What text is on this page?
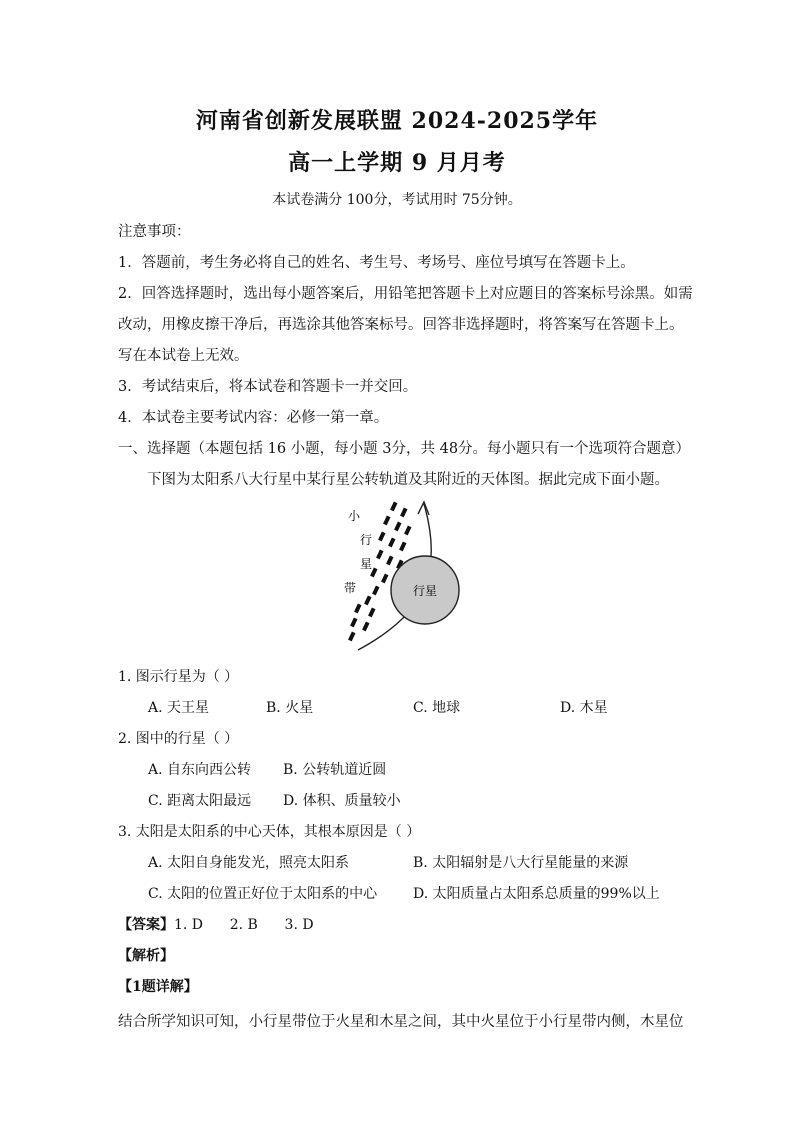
河南省创新发展联盟 2024-2025学年
高一上学期 9 月月考
本试卷满分 100分，考试用时 75分钟。
注意事项：
1．答题前，考生务必将自己的姓名、考生号、考场号、座位号填写在答题卡上。
2．回答选择题时，选出每小题答案后，用铅笔把答题卡上对应题目的答案标号涂黑。如需
改动，用橡皮擦干净后，再选涂其他答案标号。回答非选择题时，将答案写在答题卡上。
写在本试卷上无效。
3．考试结束后，将本试卷和答题卡一并交回。
4．本试卷主要考试内容：必修一第一章。
一、选择题（本题包括 16 小题，每小题 3分，共 48分。每小题只有一个选项符合题意）
下图为太阳系八大行星中某行星公转轨道及其附近的天体图。据此完成下面小题。
小
行
星
带	行星
1. 图示行星为（ ）
A. 天王星	B. 火星	C. 地球	D. 木星
2. 图中的行星（ ）
A. 自东向西公转 B. 公转轨道近圆
C. 距离太阳最远 D. 体积、质量较小
3. 太阳是太阳系的中心天体，其根本原因是（ ）
A. 太阳自身能发光，照亮太阳系	B. 太阳辐射是八大行星能量的来源
C. 太阳的位置正好位于太阳系的中心	D. 太阳质量占太阳系总质量的99%以上
【答案】1. D      2. B      3. D
【解析】
【1题详解】
结合所学知识可知，小行星带位于火星和木星之间，其中火星位于小行星带内侧，木星位
